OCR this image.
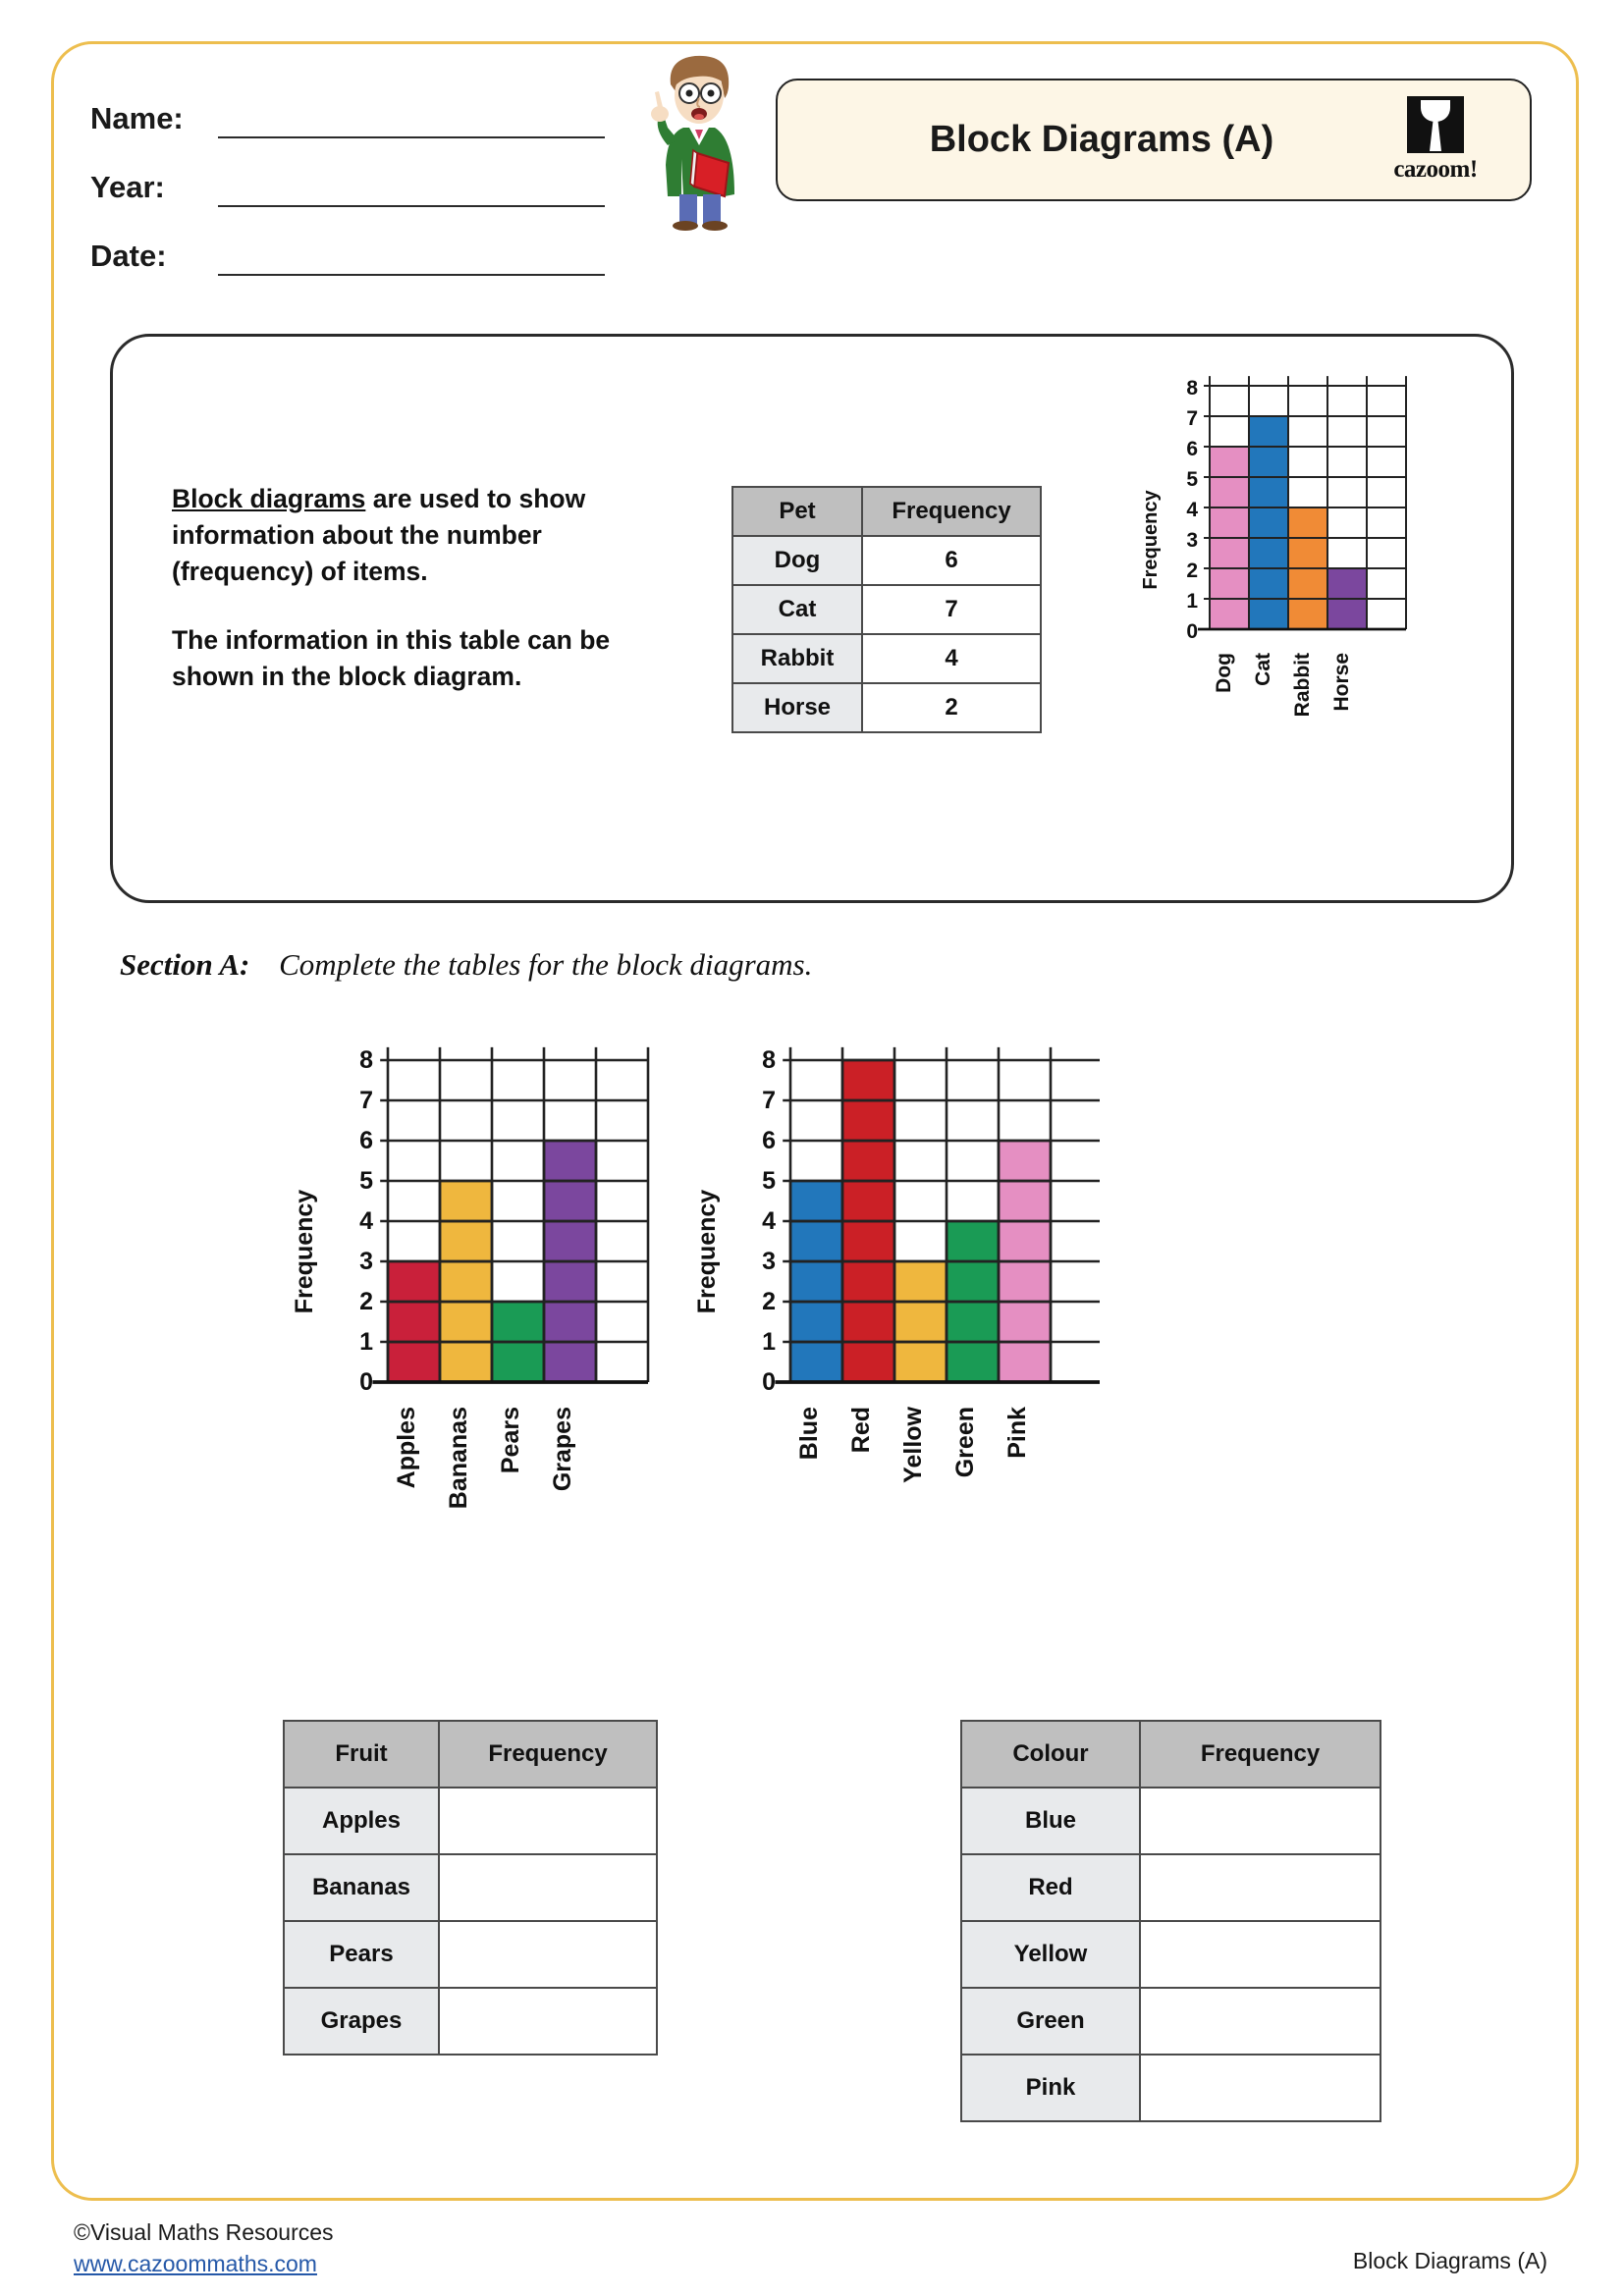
Name:
Year:
Date:
Block Diagrams (A)
cazoom!

Block diagrams are used to show information about the number (frequency) of items.

The information in this table can be shown in the block diagram.

Pet	Frequency
Dog	6
Cat	7
Rabbit	4
Horse	2
Frequency
8
7
6
5
4
3
2
1
0
Dog Cat Rabbit Horse
Section A: Complete the tables for the block diagrams.
Frequency
8
7
6
5
4
3
2
1
0
Apples Bananas Pears Grapes
Frequency
8
7
6
5
4
3
2
1
0
Blue Red Yellow Green Pink
Fruit	Frequency
Apples	
Bananas	
Pears	
Grapes	
Colour	Frequency
Blue	
Red	
Yellow	
Green	
Pink	
©Visual Maths Resources
www.cazoommaths.com	Block Diagrams (A)
